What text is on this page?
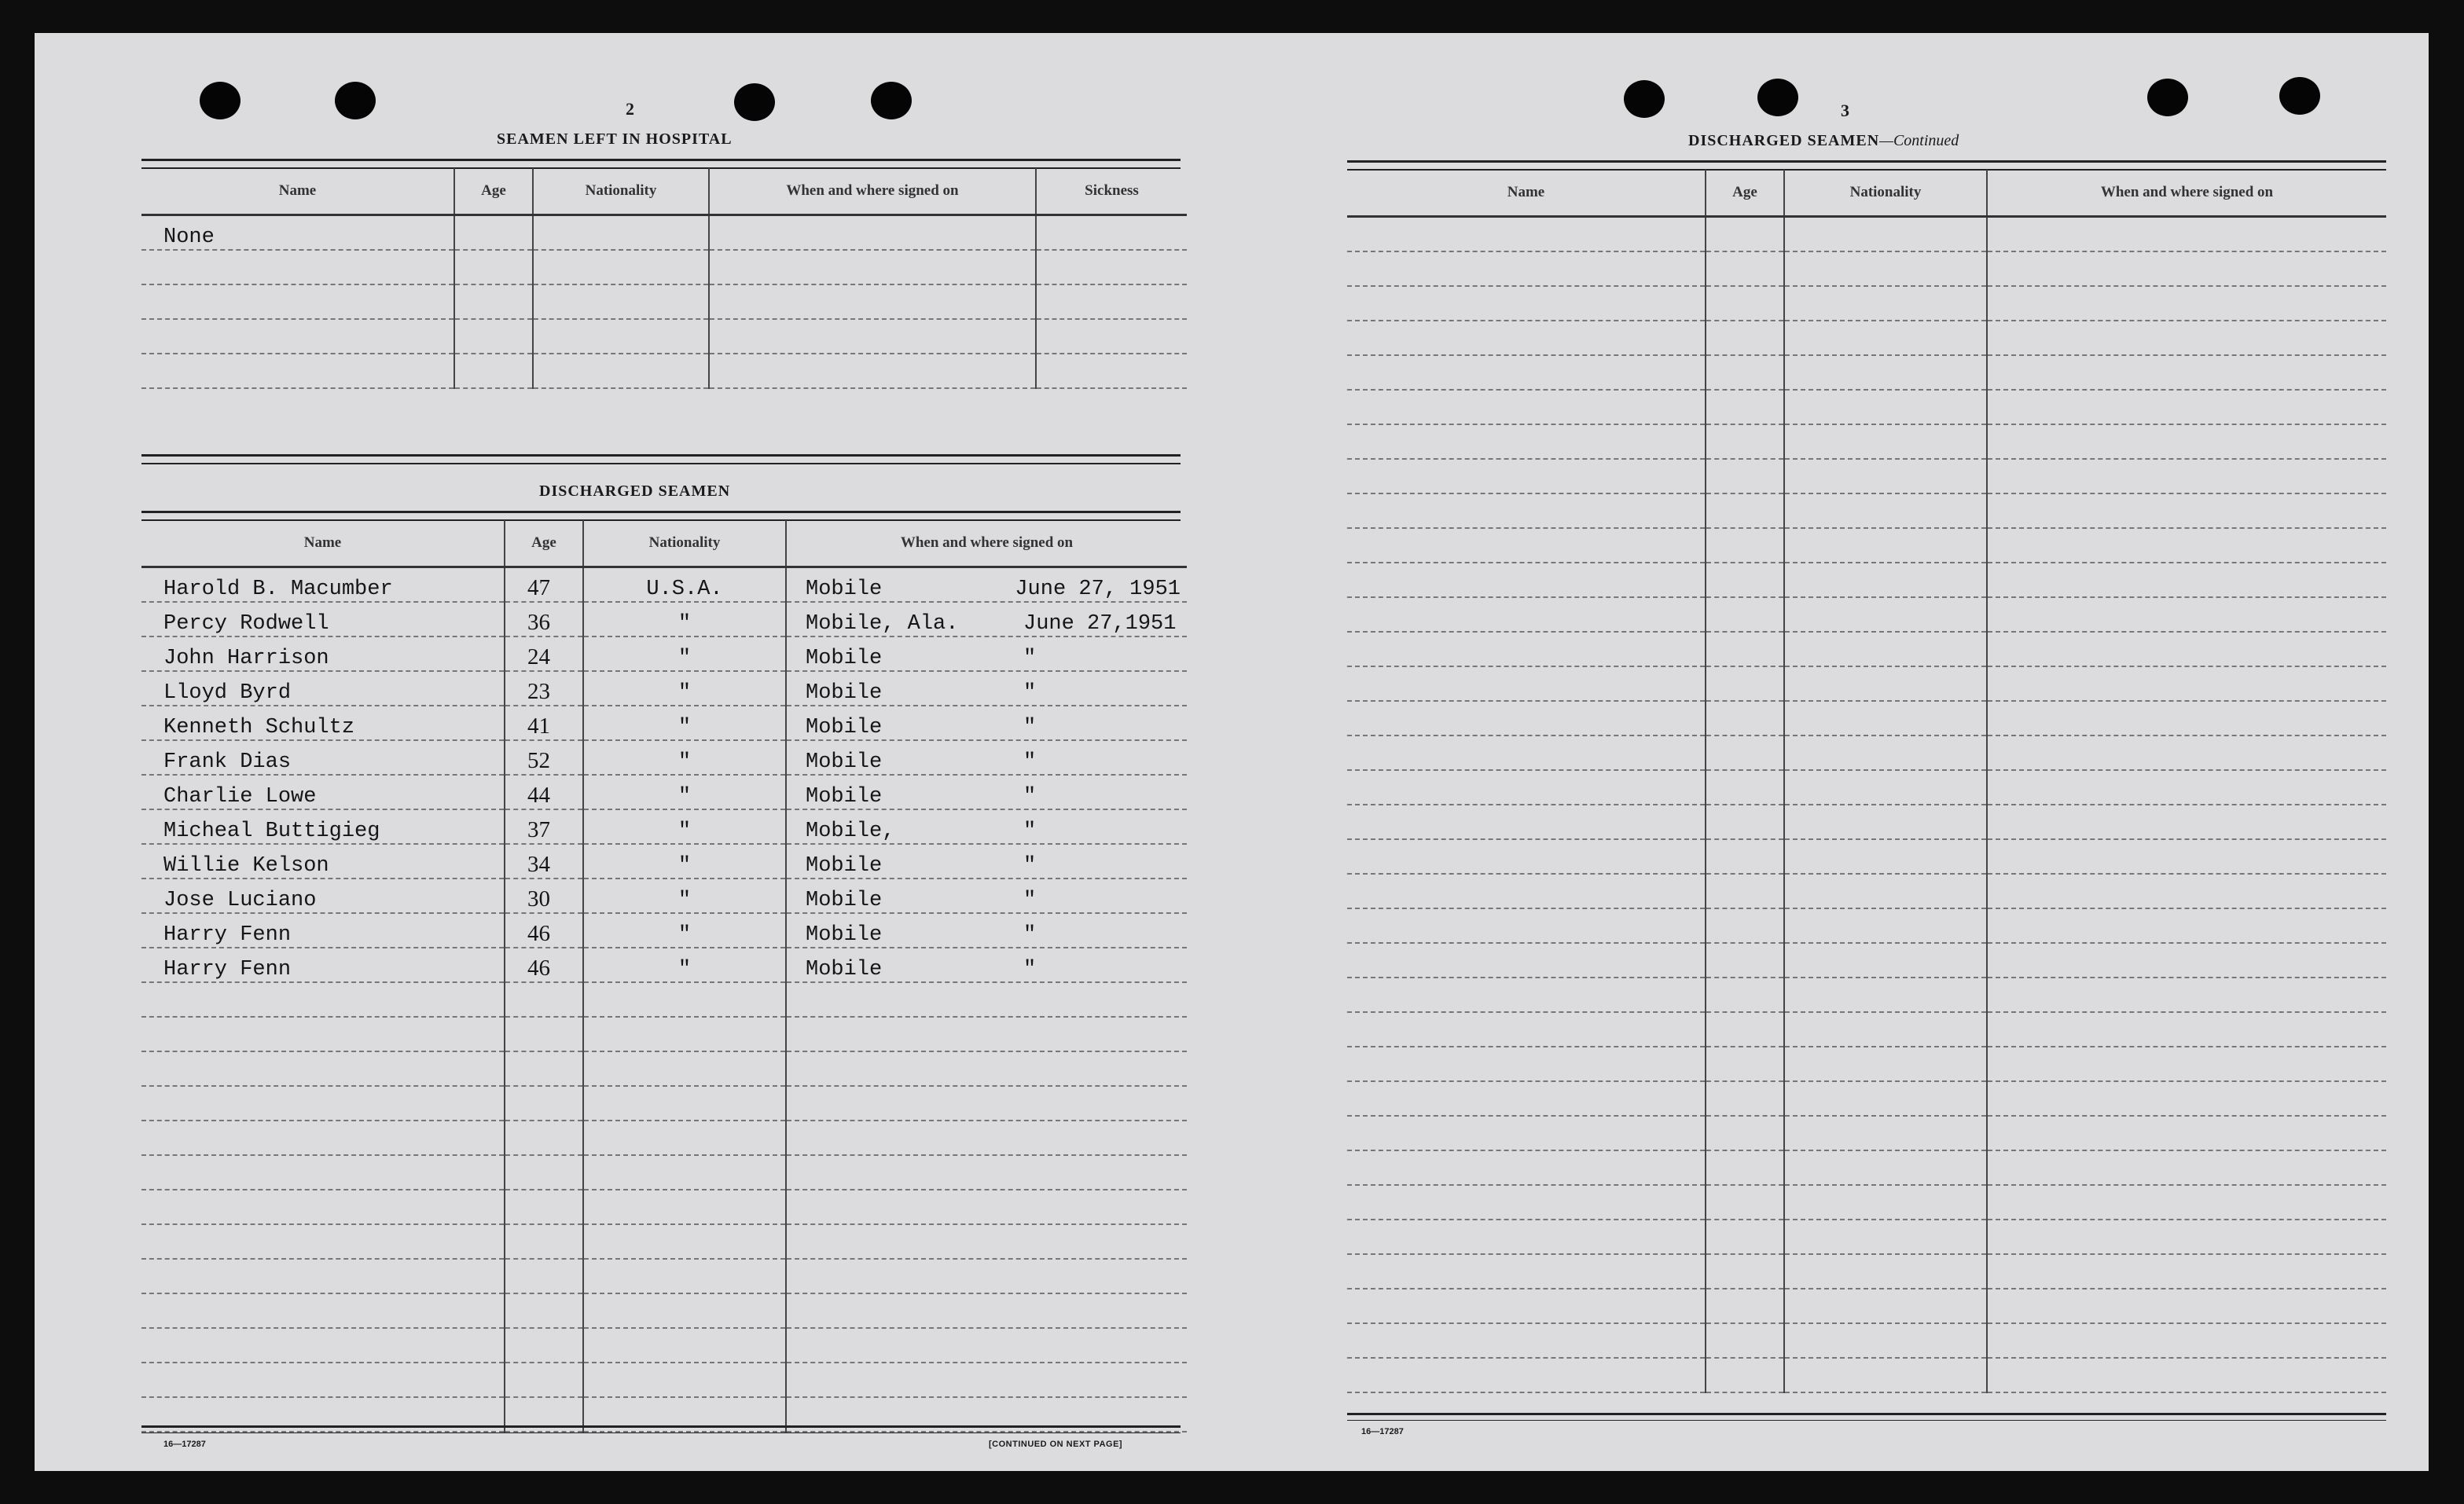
2
SEAMEN LEFT IN HOSPITAL
Name	Age	Nationality	When and where signed on	Sickness
None				

DISCHARGED SEAMEN
Name	Age	Nationality	When and where signed on
Harold B. Macumber	47	U.S.A.	Mobile June 27, 1951

Percy Rodwell	36	"	Mobile, Ala. June 27,1951

John Harrison	24	"	Mobile "

Lloyd Byrd	23	"	Mobile "

Kenneth Schultz	41	"	Mobile "

Frank Dias	52	"	Mobile "

Charlie Lowe	44	"	Mobile "

Micheal Buttigieg	37	"	Mobile, "

Willie Kelson	34	"	Mobile "

Jose Luciano	30	"	Mobile "

Harry Fenn	46	"	Mobile "

Harry Fenn	46	"	Mobile "

16—17287	[CONTINUED ON NEXT PAGE]
3
DISCHARGED SEAMEN—Continued
Name	Age	Nationality	When and where signed on

16—17287
